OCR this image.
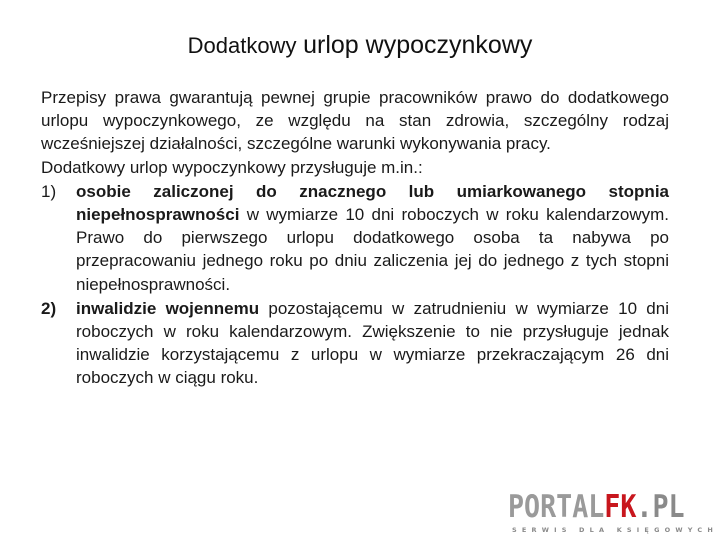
Dodatkowy urlop wypoczynkowy

Przepisy prawa gwarantują pewnej grupie pracowników prawo do dodatkowego urlopu wypoczynkowego, ze względu na stan zdrowia, szczególny rodzaj wcześniejszej działalności, szczególne warunki wykonywania pracy.

Dodatkowy urlop wypoczynkowy przysługuje m.in.:

1)	osobie zaliczonej do znacznego lub umiarkowanego stopnia niepełnosprawności w wymiarze 10 dni roboczych w roku kalendarzowym. Prawo do pierwszego urlopu dodatkowego osoba ta nabywa po przepracowaniu jednego roku po dniu zaliczenia jej do jednego z tych stopni niepełnosprawności.
2)	inwalidzie wojennemu pozostającemu w zatrudnieniu w wymiarze 10 dni roboczych w roku kalendarzowym. Zwiększenie to nie przysługuje jednak inwalidzie korzystającemu z urlopu w wymiarze przekraczającym 26 dni roboczych w ciągu roku.
PORTALFK.PL
SERWIS DLA KSIĘGOWYCH
